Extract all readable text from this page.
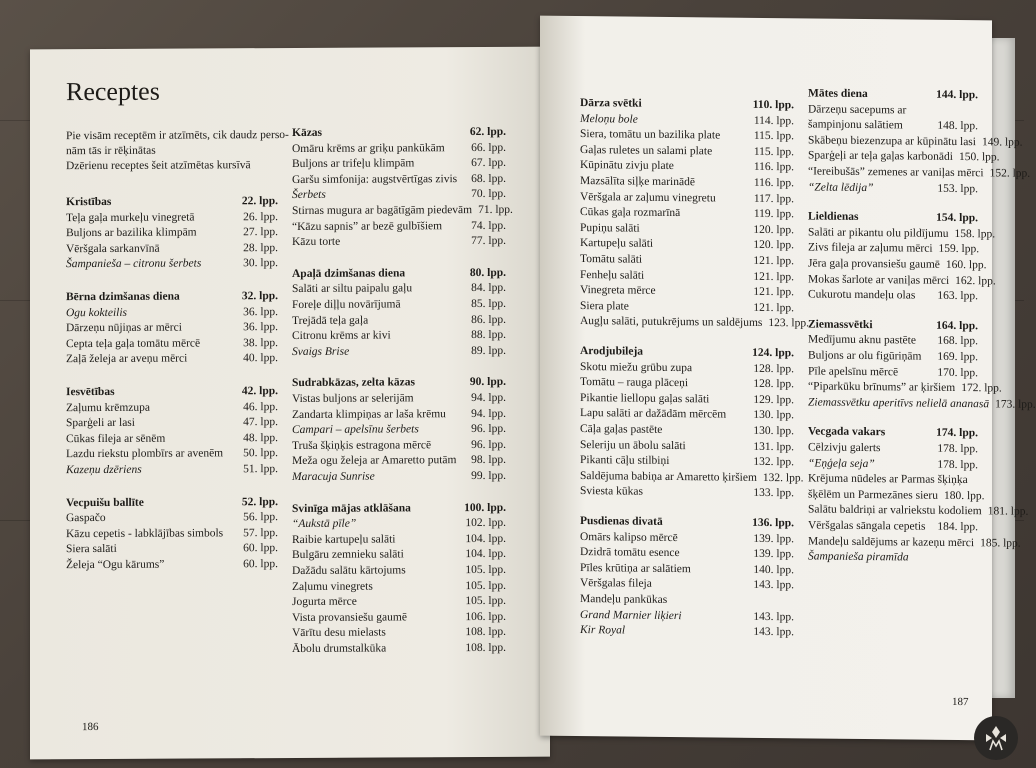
Receptes
Pie visām receptēm ir atzīmēts, cik daudz perso-
nām tās ir rēķinātas
Dzērienu receptes šeit atzīmētas kursīvā
Kristības	22. lpp.
Teļa gaļa murkeļu vinegretā	26. lpp.
Buljons ar bazilika klimpām	27. lpp.
Vēršgala sarkanvīnā	28. lpp.
Šampaniešа – citronu šerbets	30. lpp.
Bērna dzimšanas diena	32. lpp.
Ogu kokteilis	36. lpp.
Dārzeņu nūjiņas ar mērci	36. lpp.
Cepta teļa gaļa tomātu mērcē	38. lpp.
Zaļā želeja ar aveņu mērci	40. lpp.
Iesvētības	42. lpp.
Zaļumu krēmzupa	46. lpp.
Sparģeli ar lasi	47. lpp.
Cūkas fileja ar sēnēm	48. lpp.
Lazdu riekstu plombīrs ar avenēm	50. lpp.
Kazeņu dzēriens	51. lpp.
Vecpuišu ballīte	52. lpp.
Gaspačo	56. lpp.
Kāzu cepetis - labklājības simbols	57. lpp.
Siera salāti	60. lpp.
Želeja “Ogu kārums”	60. lpp.
Kāzas	62. lpp.
Omāru krēms ar griķu pankūkām	66. lpp.
Buljons ar trifeļu klimpām	67. lpp.
Garšu simfonija: augstvērtīgas zivis	68. lpp.
Šerbets	70. lpp.
Stirnas mugura ar bagātīgām piedevām 71. lpp.
“Kāzu sapnis” ar bezē gulbīšiem	74. lpp.
Kāzu torte	77. lpp.
Apaļā dzimšanas diena	80. lpp.
Salāti ar siltu paipalu gaļu	84. lpp.
Foreļe diļļu novārījumā	85. lpp.
Trejādā teļa gaļa	86. lpp.
Citronu krēms ar kivi	88. lpp.
Svaigs Brise	89. lpp.
Sudrabkāzas, zelta kāzas	90. lpp.
Vistas buljons ar selerijām	94. lpp.
Zandarta klimpiņas ar laša krēmu	94. lpp.
Campari – apelsīnu šerbets	96. lpp.
Truša šķiņķis estragona mērcē	96. lpp.
Meža ogu želeja ar Amaretto putām	98. lpp.
Maracuja Sunrise	99. lpp.
Svinīga mājas atklāšana	100. lpp.
“Aukstā pīle”	102. lpp.
Raibie kartupeļu salāti	104. lpp.
Bulgāru zemnieku salāti	104. lpp.
Dažādu salātu kārtojums	105. lpp.
Zaļumu vinegrets	105. lpp.
Jogurta mērce	105. lpp.
Vista provansiešu gaumē	106. lpp.
Vārītu desu mielasts	108. lpp.
Ābolu drumstalkūka	108. lpp.
186
Dārza svētki	110. lpp.
Meloņu bole	114. lpp.
Siera, tomātu un bazilika plate	115. lpp.
Gaļas ruletes un salami plate	115. lpp.
Kūpinātu zivju plate	116. lpp.
Mazsālīta siļķe marinādē	116. lpp.
Vēršgala ar zaļumu vinegretu	117. lpp.
Cūkas gaļa rozmarīnā	119. lpp.
Pupiņu salāti	120. lpp.
Kartupeļu salāti	120. lpp.
Tomātu salāti	121. lpp.
Fenheļu salāti	121. lpp.
Vinegreta mērce	121. lpp.
Siera plate	121. lpp.
Augļu salāti, putukrējums un saldējums 123. lpp.
Arodjubileja	124. lpp.
Skotu miežu grūbu zupa	128. lpp.
Tomātu – rauga plāceņi	128. lpp.
Pikantie liellopu gaļas salāti	129. lpp.
Lapu salāti ar dažādām mērcēm	130. lpp.
Cāļa gaļas pastēte	130. lpp.
Seleriju un ābolu salāti	131. lpp.
Pikanti cāļu stilbiņi	132. lpp.
Saldējuma babiņa ar Amaretto ķiršiem 132. lpp.
Sviesta kūkas	133. lpp.
Pusdienas divatā	136. lpp.
Omārs kalipso mērcē	139. lpp.
Dzidrā tomātu esence	139. lpp.
Pīles krūtiņa ar salātiem	140. lpp.
Vēršgalas fileja	143. lpp.
Mandeļu pankūkas
Grand Marnier liķieri	143. lpp.
Kir Royal	143. lpp.
Mātes diena	144. lpp.
Dārzeņu sacepums ar
šampinjonu salātiem	148. lpp.
Skābeņu biezenzupa ar kūpinātu lasi 149. lpp.
Sparģeļi ar teļa gaļas karbonādi 150. lpp.
“Iereibušās” zemenes ar vaniļas mērci 152. lpp.
“Zelta lēdija”	153. lpp.
Lieldienas	154. lpp.
Salāti ar pikantu olu pildījumu 158. lpp.
Zivs fileja ar zaļumu mērci 159. lpp.
Jēra gaļa provansiešu gaumē 160. lpp.
Mokas šarlote ar vaniļas mērci 162. lpp.
Cukurotu mandeļu olas	163. lpp.
Ziemassvētki	164. lpp.
Medījumu aknu pastēte	168. lpp.
Buljons ar olu figūriņām	169. lpp.
Pīle apelsīnu mērcē	170. lpp.
“Piparkūku brīnums” ar ķiršiem 172. lpp.
Ziemassvētku aperitīvs nelielā ananasā 173. lpp.
Vecgada vakars	174. lpp.
Cēlzivju galerts	178. lpp.
“Eņģeļa sejа”	178. lpp.
Krējuma nūdeles ar Parmas šķiņķa
šķēlēm un Parmezānes sieru 180. lpp.
Salātu baldriņi ar valriekstu kodoliem 181. lpp.
Vēršgalas sāngala cepetis	184. lpp.
Mandeļu saldējums ar kazeņu mērci 185. lpp.
Šampanieša piramīda
187
